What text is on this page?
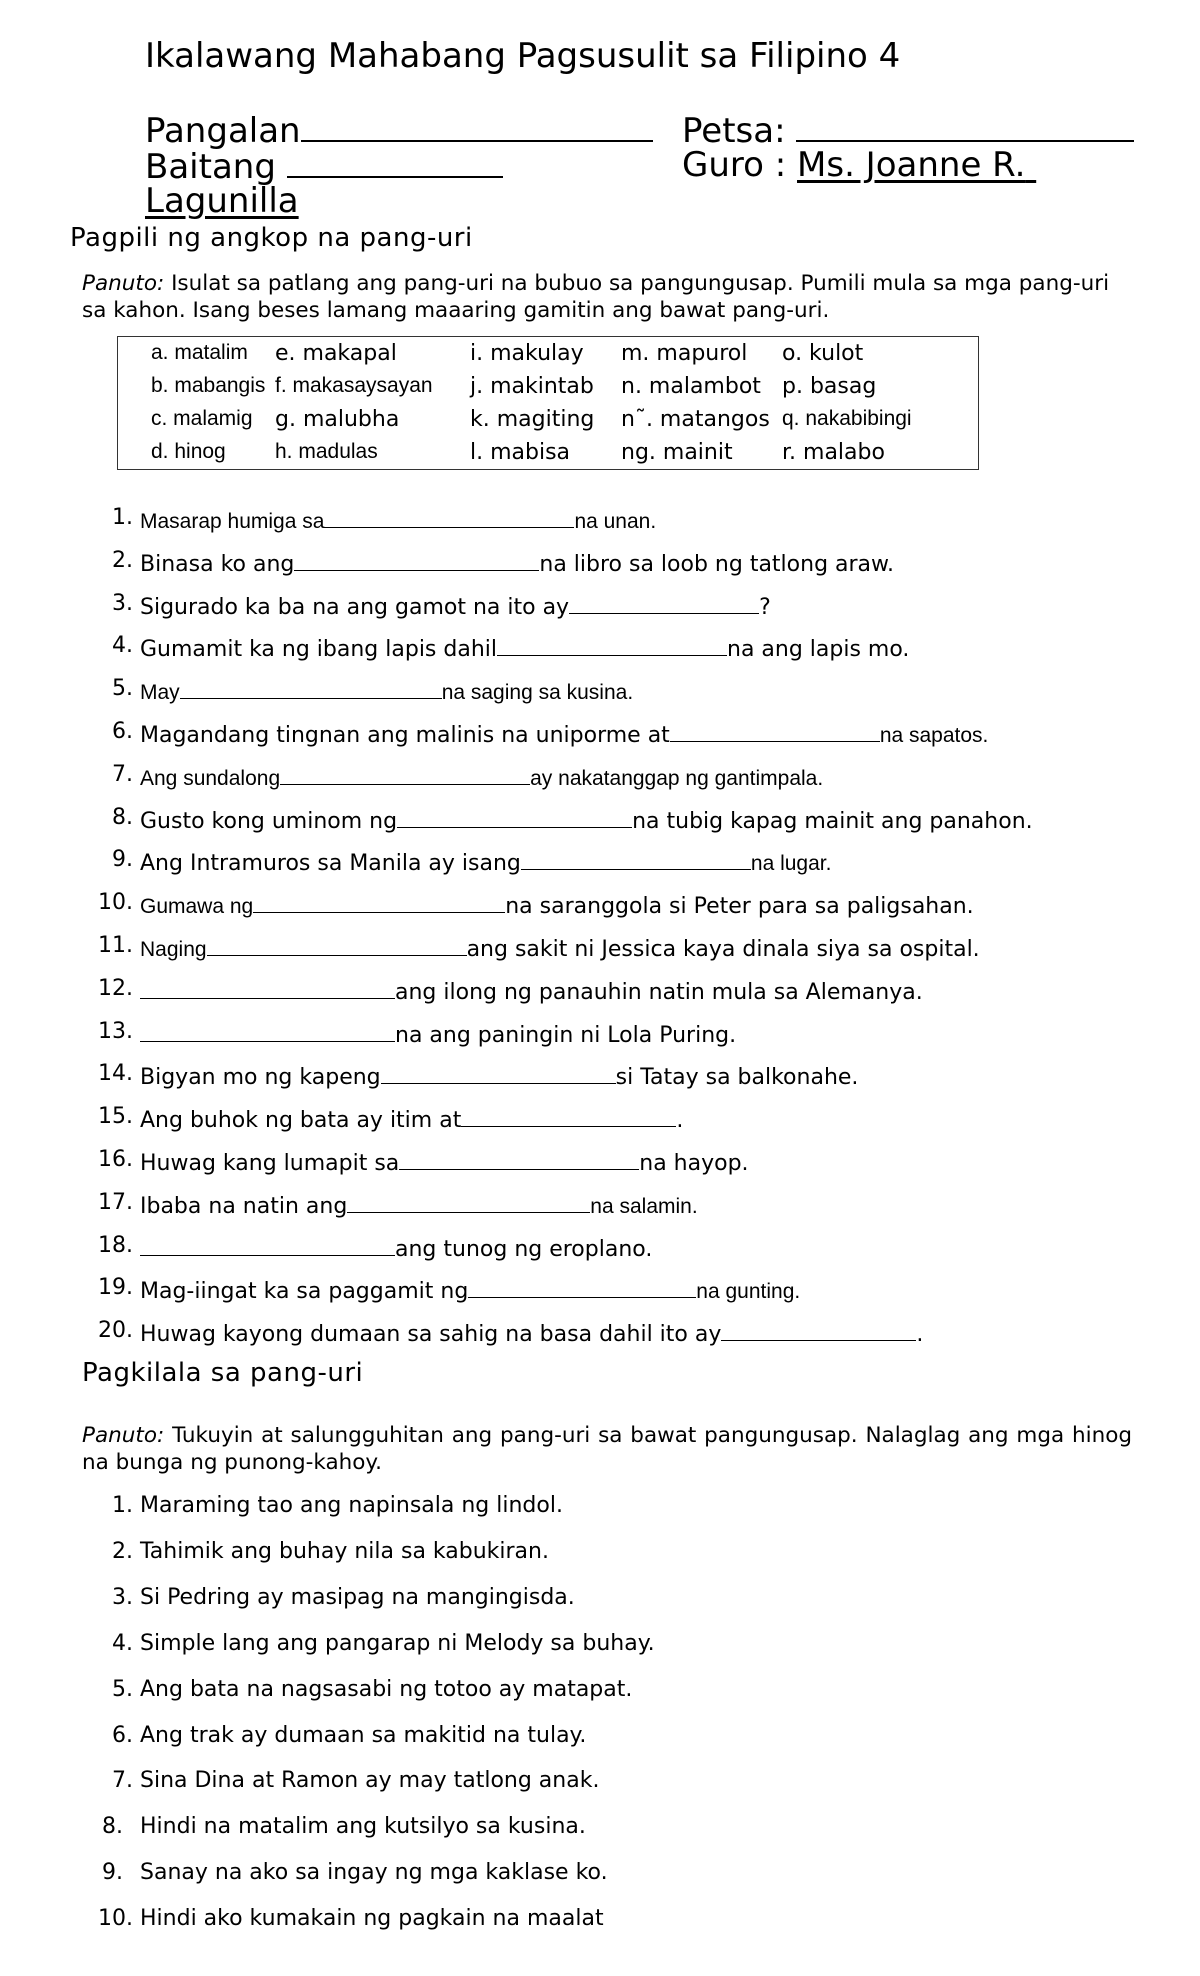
Ikalawang Mahabang Pagsusulit sa Filipino 4
Pangalan	Petsa:
Baitang	Guro : Ms. Joanne R.
Lagunilla
Pagpili ng angkop na pang-uri
Panuto: Isulat sa patlang ang pang-uri na bubuo sa pangungusap. Pumili mula sa mga pang-uri sa kahon. Isang beses lamang maaaring gamitin ang bawat pang-uri.
a. matalim e. makapal	i. makulay m. mapurol o. kulot
b. mabangis f. makasaysayan j. makintab n. malambot p. basag
c. malamig g. malubha	k. magiting n˜. matangos q. nakabibingi
d. hinog h. madulas	l. mabisa ng. mainit r. malabo
1. Masarap humiga sa	na unan.
2. Binasa ko ang	na libro sa loob ng tatlong araw.
3. Sigurado ka ba na ang gamot na ito ay	?
4. Gumamit ka ng ibang lapis dahil	na ang lapis mo.
5. May	na saging sa kusina.
6. Magandang tingnan ang malinis na uniporme at	na sapatos.
7. Ang sundalong	ay nakatanggap ng gantimpala.
8. Gusto kong uminom ng	na tubig kapag mainit ang panahon.
9. Ang Intramuros sa Manila ay isang	na lugar.
10. Gumawa ng	na saranggola si Peter para sa paligsahan.
11. Naging	ang sakit ni Jessica kaya dinala siya sa ospital.
12.	ang ilong ng panauhin natin mula sa Alemanya.
13.	na ang paningin ni Lola Puring.
14. Bigyan mo ng kapeng	si Tatay sa balkonahe.
15. Ang buhok ng bata ay itim at	.
16. Huwag kang lumapit sa	na hayop.
17. Ibaba na natin ang	na salamin.
18.	ang tunog ng eroplano.
19. Mag-iingat ka sa paggamit ng	na gunting.
20. Huwag kayong dumaan sa sahig na basa dahil ito ay	.
Pagkilala sa pang-uri
Panuto: Tukuyin at salungguhitan ang pang-uri sa bawat pangungusap. Nalaglag ang mga hinog na bunga ng punong-kahoy.
1. Maraming tao ang napinsala ng lindol.
2. Tahimik ang buhay nila sa kabukiran.
3. Si Pedring ay masipag na mangingisda.
4. Simple lang ang pangarap ni Melody sa buhay.
5. Ang bata na nagsasabi ng totoo ay matapat.
6. Ang trak ay dumaan sa makitid na tulay.
7. Sina Dina at Ramon ay may tatlong anak.
8. Hindi na matalim ang kutsilyo sa kusina.
9. Sanay na ako sa ingay ng mga kaklase ko.
10. Hindi ako kumakain ng pagkain na maalat
